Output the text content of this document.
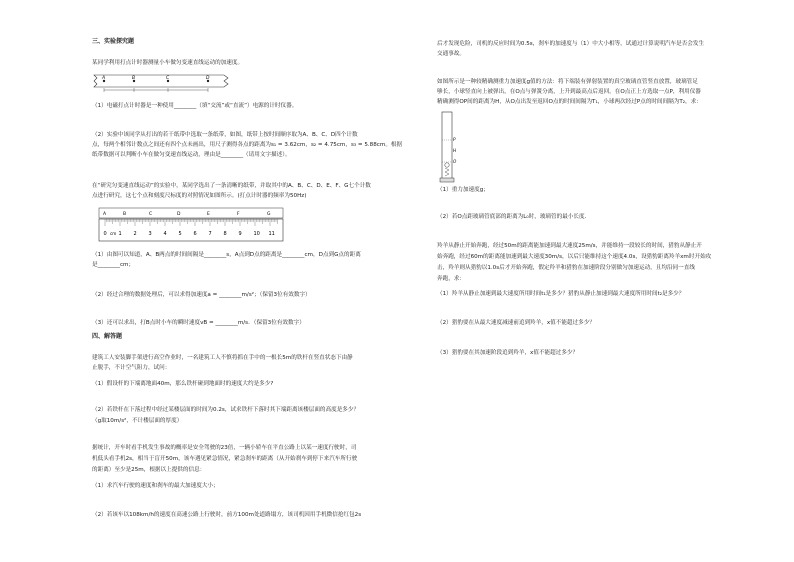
三、实验探究题
某同学利用打点计时器测量小车做匀变速直线运动的加速度。
A	B	C	D
（1）电磁打点计时器是一种使用________（填“交流”或“直流”）电源的计时仪器。
（2）实验中该同学从打出的若干纸带中选取一条纸带，如图，纸带上按时间顺序取为A、B、C、D四个计数
点，每两个相邻计数点之间还有四个点未画出，用尺子测得各点的距离为s₁ = 3.62cm，s₂ = 4.75cm，s₃ = 5.88cm。根据
纸带数据可以判断小车在做匀变速直线运动，理由是________（请用文字描述）。
在“研究匀变速直线运动”的实验中，某同学选出了一条清晰的纸带，并取其中的A、B、C、D、E、F、G七个计数
点进行研究，这七个点和刻度尺标度的对照情况如图所示。(打点计时器的频率为50Hz)
A	B	C	D	E	F	G
0 1 2 3 4 5 6 7 8 9 10 11
cm
（1）由图可以知道，A、B两点的时间间隔是________s，A点到D点的距离是________cm，D点到G点的距离
是________cm；
（2）经过合理的数据处理后，可以求得加速度a = ________m/s²；（保留3位有效数字）
（3）还可以求出，打B点时小车的瞬时速度vB = ________m/s．（保留3位有效数字）
四、解答题
建筑工人安装脚手架进行高空作业时，一名建筑工人不慎将抓在手中的一根长5m的铁杆在竖直状态下由静
止脱手，不计空气阻力，试问：
（1）假设杆的下端离地面40m，那么铁杆碰到地面时的速度大约是多少?
（2）若铁杆在下落过程中经过某楼层面的时间为0.2s，试求铁杆下落时其下端距离该楼层面的高度是多少？
（g取10m/s²，不计楼层面的厚度）
据统计，开车时看手机发生事故的概率是安全驾驶的23倍，一辆小轿车在平直公路上以某一速度行驶时，司
机低头看手机2s，相当于盲开50m，该车遇见紧急情况，紧急刹车的距离（从开始刹车到停下来汽车所行驶
的距离）至少是25m，根据以上提供的信息：
（1）求汽车行驶的速度和刹车的最大加速度大小；
（2）若该车以108km/h的速度在高速公路上行驶时，前方100m处道路塌方，该司机因用手机微信抢红包2s
后才发现危险，司机的反应时间为0.5s，刹车的加速度与（1）中大小相等，试通过计算说明汽车是否会发生
交通事故。
如图所示是一种较精确测重力加速度g值的方法：将下端装有弹射装置的真空玻璃直管竖直放置，玻璃管足
够长，小球竖直向上被弹出，在O点与弹簧分离，上升到最高点后返回。在O点正上方选取一点P，利用仪器
精确测得OP间的距离为H，从O点出发至返回O点的时间间隔为T₁，小球两次经过P点的时间间隔为T₂，求：
P
H
O
（1）重力加速度g；
（2）若O点距玻璃管底部的距离为L₀时，玻璃管的最小长度．
羚羊从静止开始奔跑，经过50m的距离能加速到最大速度25m/s，并能维持一段较长的时间，猎豹从静止开
始奔跑，经过60m的距离能加速到最大速度30m/s，以后只能维持这个速度4.0s，设猎豹距离羚羊xm时开始攻
击，羚羊则从猎豹以1.0s后才开始奔跑，假定羚羊和猎豹在加速阶段分别做匀加速运动，且均沿同一直线
奔跑，求：
（1）羚羊从静止加速到最大速度所用时间t₁是多少？猎豹从静止加速到最大速度所用时间t₂是多少？
（2）猎豹要在从最大速度减速前追到羚羊，x值不能超过多少？
（3）猎豹要在其加速阶段追到羚羊，x值不能超过多少？
